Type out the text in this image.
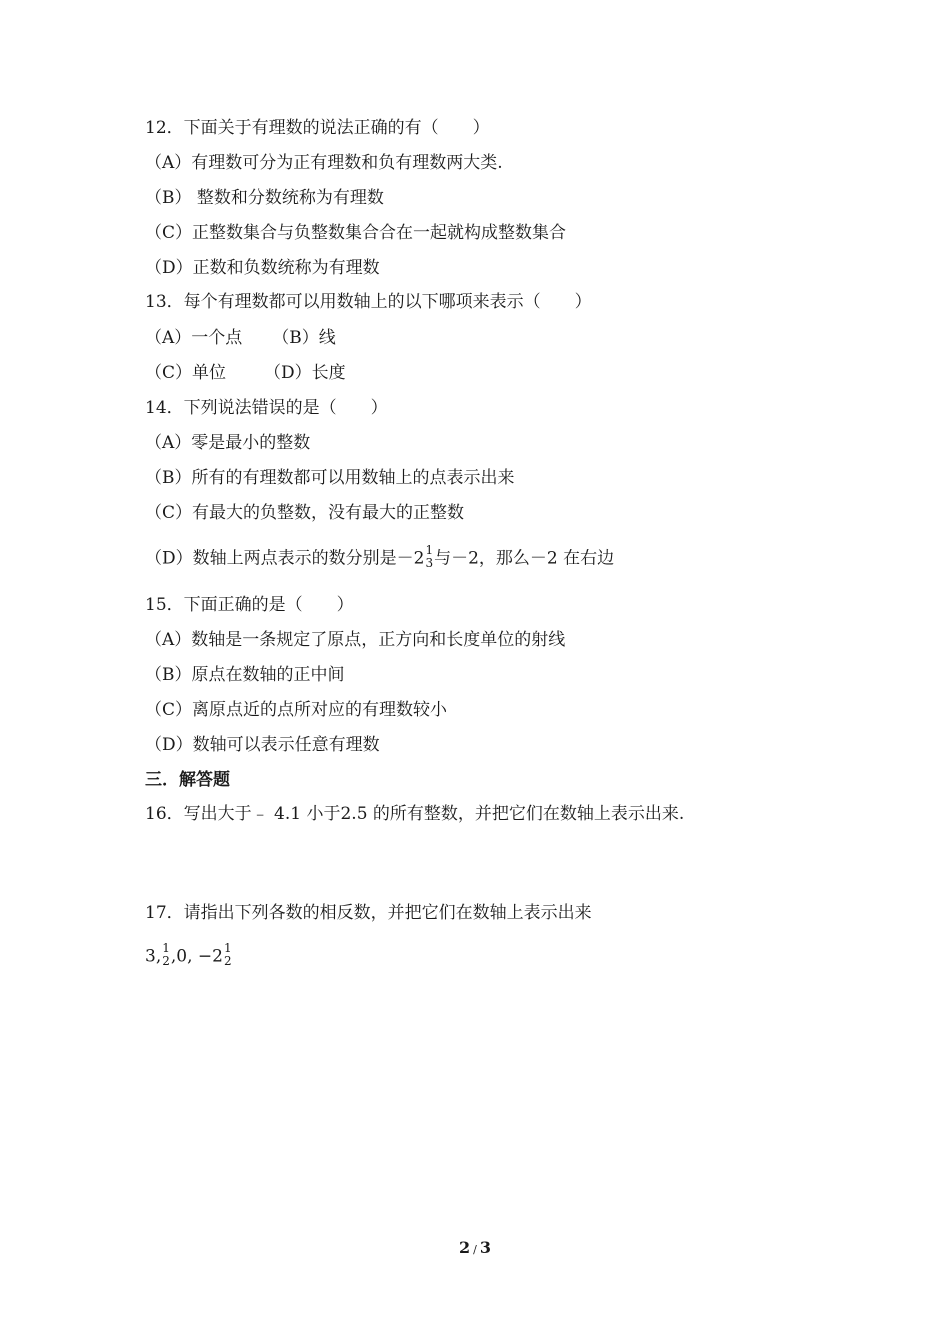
12．下面关于有理数的说法正确的有（　　）
（A）有理数可分为正有理数和负有理数两大类.
（B） 整数和分数统称为有理数
（C）正整数集合与负整数集合合在一起就构成整数集合
（D）正数和负数统称为有理数
13．每个有理数都可以用数轴上的以下哪项来表示（　　）
（A）一个点 （B）线
（C）单位 （D）长度
14．下列说法错误的是（　　）
（A）零是最小的整数
（B）所有的有理数都可以用数轴上的点表示出来
（C）有最大的负整数，没有最大的正整数
（D）数轴上两点表示的数分别是－2 1
3 与－2，那么－2 在右边
15．下面正确的是（　　）
（A）数轴是一条规定了原点，正方向和长度单位的射线
（B）原点在数轴的正中间
（C）离原点近的点所对应的有理数较小
（D）数轴可以表示任意有理数
三．解答题
16．写出大于﹣ 4.1 小于2.5 的所有整数，并把它们在数轴上表示出来.
17．请指出下列各数的相反数，并把它们在数轴上表示出来
3, 1
2 ,0, −2 1
2
2 / 3
